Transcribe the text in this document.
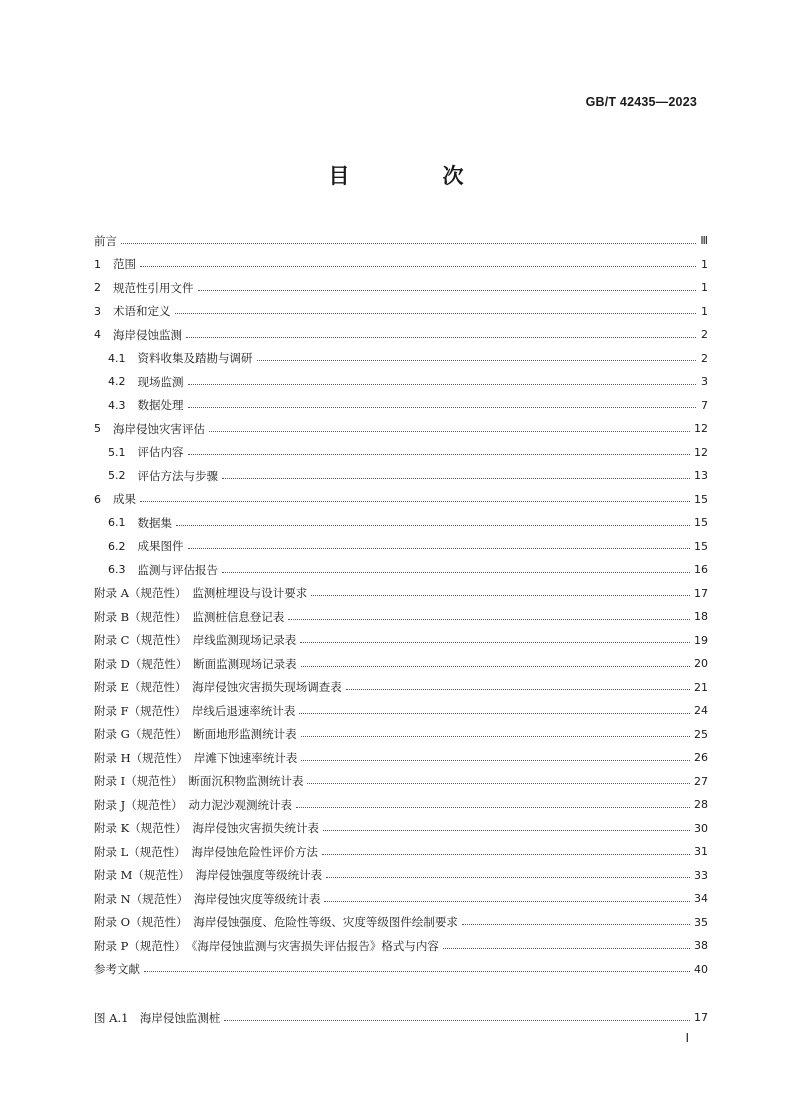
GB/T 42435—2023
目　次
前言	Ⅲ
1 范围	1
2 规范性引用文件	1
3 术语和定义	1
4 海岸侵蚀监测	2
4.1 资料收集及踏勘与调研	2
4.2 现场监测	3
4.3 数据处理	7
5 海岸侵蚀灾害评估	12
5.1 评估内容	12
5.2 评估方法与步骤	13
6 成果	15
6.1 数据集	15
6.2 成果图件	15
6.3 监测与评估报告	16
附录 A（规范性）　监测桩埋设与设计要求	17
附录 B（规范性）　监测桩信息登记表	18
附录 C（规范性）　岸线监测现场记录表	19
附录 D（规范性）　断面监测现场记录表	20
附录 E（规范性）　海岸侵蚀灾害损失现场调查表	21
附录 F（规范性）　岸线后退速率统计表	24
附录 G（规范性）　断面地形监测统计表	25
附录 H（规范性）　岸滩下蚀速率统计表	26
附录 I（规范性）　断面沉积物监测统计表	27
附录 J（规范性）　动力泥沙观测统计表	28
附录 K（规范性）　海岸侵蚀灾害损失统计表	30
附录 L（规范性）　海岸侵蚀危险性评价方法	31
附录 M（规范性）　海岸侵蚀强度等级统计表	33
附录 N（规范性）　海岸侵蚀灾度等级统计表	34
附录 O（规范性）　海岸侵蚀强度、危险性等级、灾度等级图件绘制要求	35
附录 P（规范性）　《海岸侵蚀监测与灾害损失评估报告》格式与内容	38
参考文献	40
图 A.1　海岸侵蚀监测桩	17
Ⅰ
